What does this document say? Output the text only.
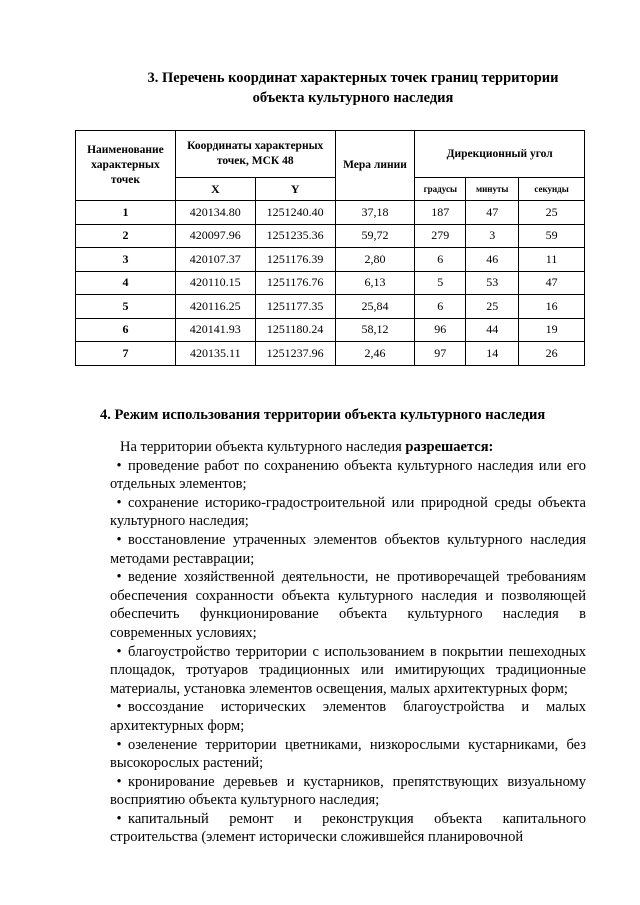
3. Перечень координат характерных точек границ территории
объекта культурного наследия
Наименование характерных точек	Координаты характерных точек, МСК 48		Мера линии	Дирекционный угол		
	X	Y		градусы	минуты	секунды
1	420134.80	1251240.40	37,18	187	47	25
2	420097.96	1251235.36	59,72	279	3	59
3	420107.37	1251176.39	2,80	6	46	11
4	420110.15	1251176.76	6,13	5	53	47
5	420116.25	1251177.35	25,84	6	25	16
6	420141.93	1251180.24	58,12	96	44	19
7	420135.11	1251237.96	2,46	97	14	26
4. Режим использования территории объекта культурного наследия

На территории объекта культурного наследия разрешается:

• проведение работ по сохранению объекта культурного наследия или его отдельных элементов;

• сохранение историко-градостроительной или природной среды объекта культурного наследия;

• восстановление утраченных элементов объектов культурного наследия методами реставрации;

• ведение хозяйственной деятельности, не противоречащей требованиям обеспечения сохранности объекта культурного наследия и позволяющей обеспечить функционирование объекта культурного наследия в современных условиях;

• благоустройство территории с использованием в покрытии пешеходных площадок, тротуаров традиционных или имитирующих традиционные материалы, установка элементов освещения, малых архитектурных форм;

• воссоздание исторических элементов благоустройства и малых архитектурных форм;

• озеленение территории цветниками, низкорослыми кустарниками, без высокорослых растений;

• кронирование деревьев и кустарников, препятствующих визуальному восприятию объекта культурного наследия;

• капитальный ремонт и реконструкция объекта капитального строительства (элемент исторически сложившейся планировочной
